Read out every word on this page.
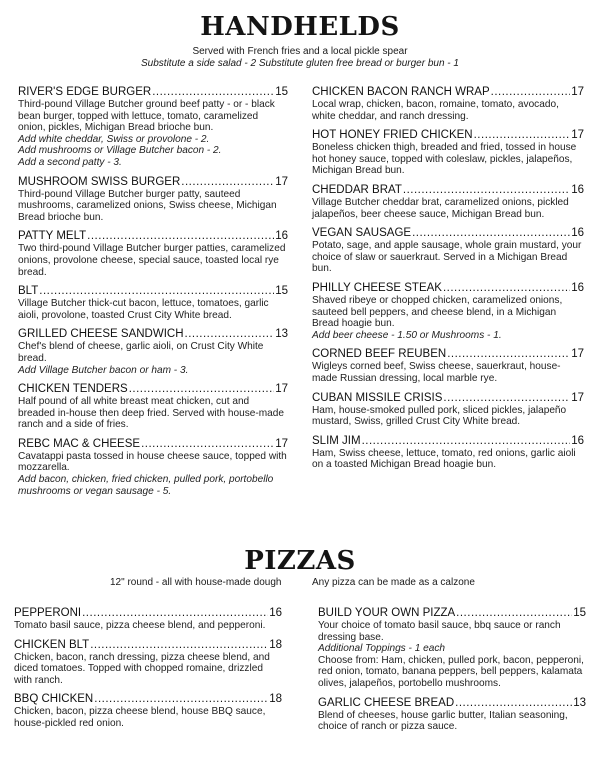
HANDHELDS
Served with French fries and a local pickle spear
Substitute a side salad - 2 Substitute gluten free bread or burger bun - 1
RIVER'S EDGE BURGER .....	15
Third-pound Village Butcher ground beef patty - or - black bean burger, topped with lettuce, tomato, caramelized onion, pickles, Michigan Bread brioche bun.
Add white cheddar, Swiss or provolone - 2.
Add mushrooms or Village Butcher bacon - 2.
Add a second patty - 3.
MUSHROOM SWISS BURGER .....	17
Third-pound Village Butcher burger patty, sauteed mushrooms, caramelized onions, Swiss cheese, Michigan Bread brioche bun.
PATTY MELT .....	16
Two third-pound Village Butcher burger patties, caramelized onions, provolone cheese, special sauce, toasted local rye bread.
BLT .....	15
Village Butcher thick-cut bacon, lettuce, tomatoes, garlic aioli, provolone, toasted Crust City White bread.
GRILLED CHEESE SANDWICH .....	13
Chef's blend of cheese, garlic aioli, on Crust City White bread.
Add Village Butcher bacon or ham - 3.
CHICKEN TENDERS .....	17
Half pound of all white breast meat chicken, cut and breaded in-house then deep fried. Served with house-made ranch and a side of fries.
REBC MAC & CHEESE .....	17
Cavatappi pasta tossed in house cheese sauce, topped with mozzarella.
Add bacon, chicken, fried chicken, pulled pork, portobello mushrooms or vegan sausage - 5.
CHICKEN BACON RANCH WRAP .....	17
Local wrap, chicken, bacon, romaine, tomato, avocado, white cheddar, and ranch dressing.
HOT HONEY FRIED CHICKEN .....	17
Boneless chicken thigh, breaded and fried, tossed in house hot honey sauce, topped with coleslaw, pickles, jalapeños, Michigan Bread bun.
CHEDDAR BRAT .....	16
Village Butcher cheddar brat, caramelized onions, pickled jalapeños, beer cheese sauce, Michigan Bread bun.
VEGAN SAUSAGE .....	16
Potato, sage, and apple sausage, whole grain mustard, your choice of slaw or sauerkraut. Served in a Michigan Bread bun.
PHILLY CHEESE STEAK .....	16
Shaved ribeye or chopped chicken, caramelized onions, sauteed bell peppers, and cheese blend, in a Michigan Bread hoagie bun.
Add beer cheese - 1.50 or Mushrooms - 1.
CORNED BEEF REUBEN .....	17
Wigleys corned beef, Swiss cheese, sauerkraut, house-made Russian dressing, local marble rye.
CUBAN MISSILE CRISIS .....	17
Ham, house-smoked pulled pork, sliced pickles, jalapeño mustard, Swiss, grilled Crust City White bread.
SLIM JIM .....	16
Ham, Swiss cheese, lettuce, tomato, red onions, garlic aioli on a toasted Michigan Bread hoagie bun.
PIZZAS
12" round - all with house-made dough	Any pizza can be made as a calzone
PEPPERONI .....	16
Tomato basil sauce, pizza cheese blend, and pepperoni.
CHICKEN BLT .....	18
Chicken, bacon, ranch dressing, pizza cheese blend, and diced tomatoes. Topped with chopped romaine, drizzled with ranch.
BBQ CHICKEN .....	18
Chicken, bacon, pizza cheese blend, house BBQ sauce, house-pickled red onion.
BUILD YOUR OWN PIZZA .....	15
Your choice of tomato basil sauce, bbq sauce or ranch dressing base.
Additional Toppings - 1 each
Choose from: Ham, chicken, pulled pork, bacon, pepperoni, red onion, tomato, banana peppers, bell peppers, kalamata olives, jalapeños, portobello mushrooms.
GARLIC CHEESE BREAD .....	13
Blend of cheeses, house garlic butter, Italian seasoning, choice of ranch or pizza sauce.
